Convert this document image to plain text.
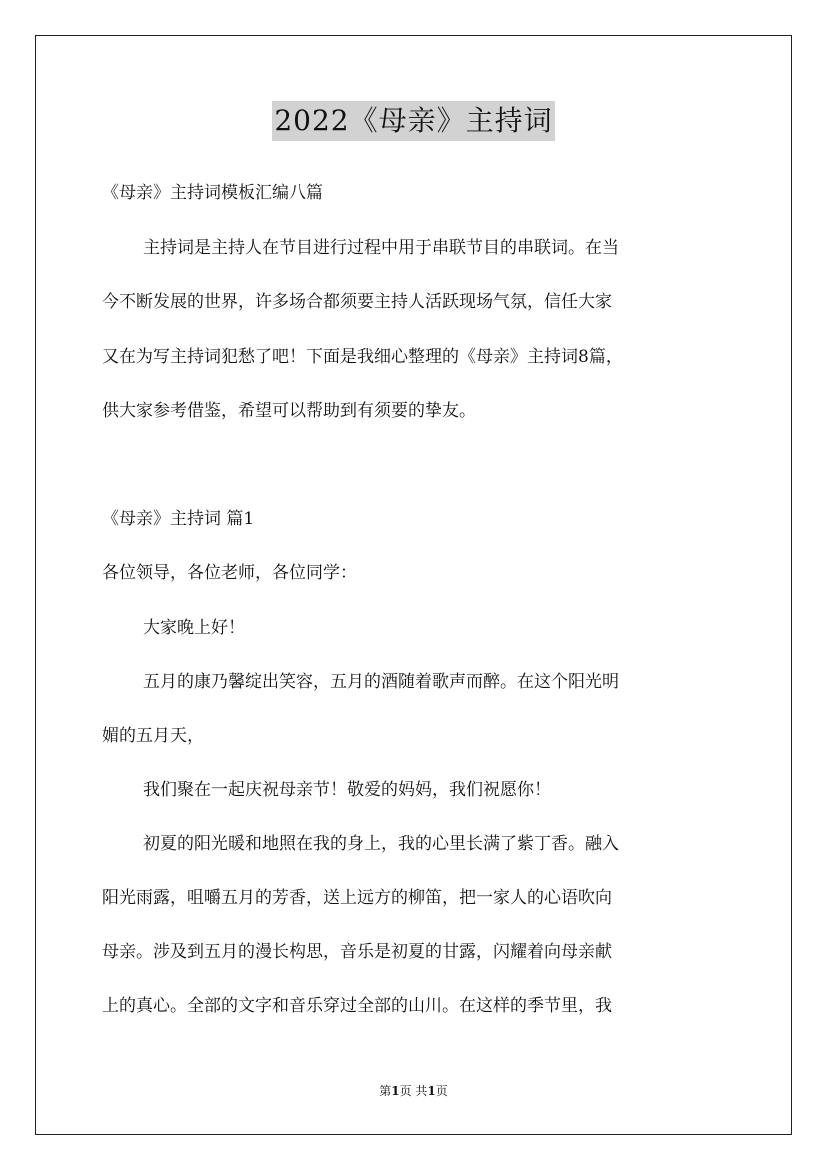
2022《母亲》主持词
《母亲》主持词模板汇编八篇
主持词是主持人在节目进行过程中用于串联节目的串联词。在当
今不断发展的世界，许多场合都须要主持人活跃现场气氛，信任大家
又在为写主持词犯愁了吧！下面是我细心整理的《母亲》主持词8篇，
供大家参考借鉴，希望可以帮助到有须要的挚友。
《母亲》主持词 篇1
各位领导，各位老师，各位同学：
大家晚上好！
五月的康乃馨绽出笑容，五月的酒随着歌声而醉。在这个阳光明
媚的五月天，
我们聚在一起庆祝母亲节！敬爱的妈妈，我们祝愿你！
初夏的阳光暖和地照在我的身上，我的心里长满了紫丁香。融入
阳光雨露，咀嚼五月的芳香，送上远方的柳笛，把一家人的心语吹向
母亲。涉及到五月的漫长构思，音乐是初夏的甘露，闪耀着向母亲献
上的真心。全部的文字和音乐穿过全部的山川。在这样的季节里，我
第1页 共1页
